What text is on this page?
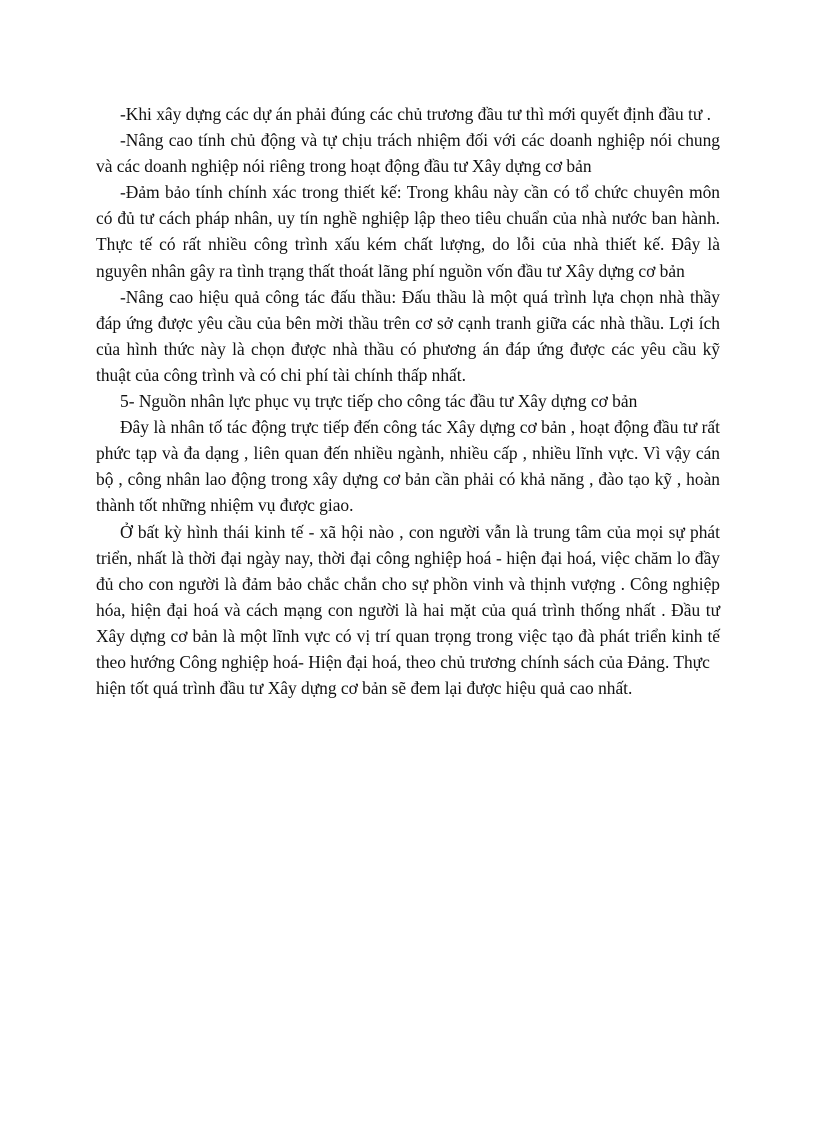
-Khi xây dựng các dự án phải đúng các chủ trương đầu tư thì mới quyết định đầu tư .

-Nâng cao tính chủ động và tự chịu trách nhiệm đối với các doanh nghiệp nói chung và các doanh nghiệp nói riêng trong hoạt động đầu tư Xây dựng cơ bản

-Đảm bảo tính chính xác trong thiết kế: Trong khâu này cần có tổ chức chuyên môn có đủ tư cách pháp nhân, uy tín nghề nghiệp lập theo tiêu chuẩn của nhà nước ban hành. Thực tế có rất nhiều công trình xấu kém chất lượng, do lỗi của nhà thiết kế. Đây là nguyên nhân gây ra tình trạng thất thoát lãng phí nguồn vốn đầu tư Xây dựng cơ bản

-Nâng cao hiệu quả công tác đấu thầu: Đấu thầu là một quá trình lựa chọn nhà thầy đáp ứng được yêu cầu của bên mời thầu trên cơ sở cạnh tranh giữa các nhà thầu. Lợi ích của hình thức này là chọn được nhà thầu có phương án đáp ứng được các yêu cầu kỹ thuật của công trình và có chi phí tài chính thấp nhất.

5- Nguồn nhân lực phục vụ trực tiếp cho công tác đầu tư Xây dựng cơ bản

Đây là nhân tố tác động trực tiếp đến công tác Xây dựng cơ bản , hoạt động đầu tư rất phức tạp và đa dạng , liên quan đến nhiều ngành, nhiều cấp , nhiều lĩnh vực. Vì vậy cán bộ , công nhân lao động trong xây dựng cơ bản cần phải có khả năng , đào tạo kỹ , hoàn thành tốt những nhiệm vụ được giao.

Ở bất kỳ hình thái kinh tế - xã hội nào , con người vẫn là trung tâm của mọi sự phát triển, nhất là thời đại ngày nay, thời đại công nghiệp hoá - hiện đại hoá, việc chăm lo đầy đủ cho con người là đảm bảo chắc chắn cho sự phồn vinh và thịnh vượng . Công nghiệp hóa, hiện đại hoá và cách mạng con người là hai mặt của quá trình thống nhất . Đầu tư Xây dựng cơ bản là một lĩnh vực có vị trí quan trọng trong việc tạo đà phát triển kinh tế theo hướng Công nghiệp hoá- Hiện đại hoá, theo chủ trương chính sách của Đảng. Thực

hiện tốt quá trình đầu tư Xây dựng cơ bản sẽ đem lại được hiệu quả cao nhất.
